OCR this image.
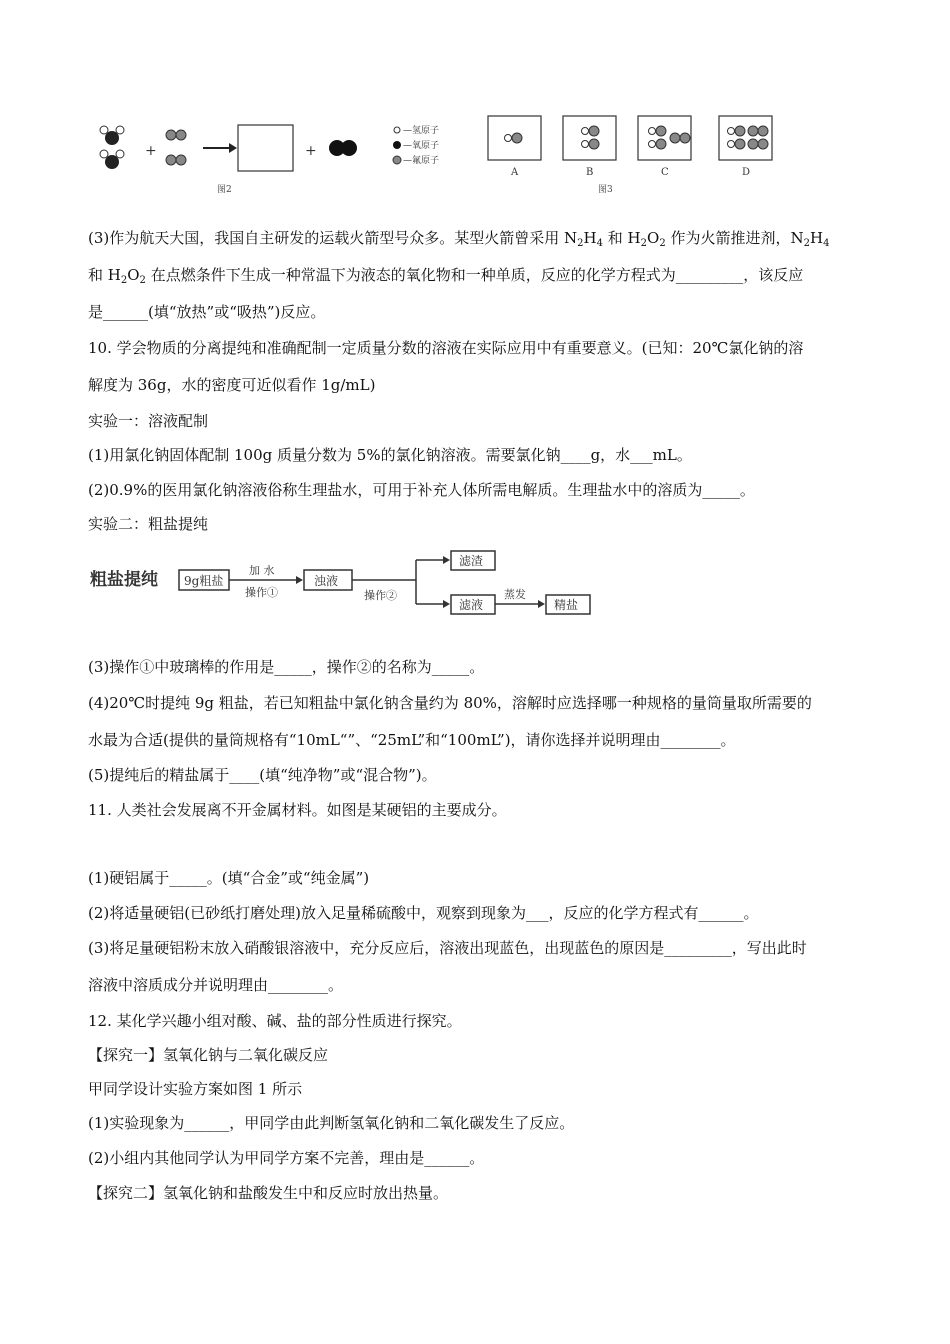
+	+
图2
—氢原子
—氧原子
—氟原子
A	B	C
图3
D
(3)作为航天大国，我国自主研发的运载火箭型号众多。某型火箭曾采用 $N_2H_4$ 和 $H_2O_2$ 作为火箭推进剂，$N_2H_4$
和 $H_2O_2$ 在点燃条件下生成一种常温下为液态的氧化物和一种单质，反应的化学方程式为_________，该反应
是______(填“放热”或“吸热”)反应。
10. 学会物质的分离提纯和准确配制一定质量分数的溶液在实际应用中有重要意义。(已知：20℃氯化钠的溶
解度为 36g，水的密度可近似看作 1g/mL)
实验一：溶液配制
(1)用氯化钠固体配制 100g 质量分数为 5%的氯化钠溶液。需要氯化钠____g，水___mL。
(2)0.9%的医用氯化钠溶液俗称生理盐水，可用于补充人体所需电解质。生理盐水中的溶质为_____。
实验二：粗盐提纯
粗盐提纯 9g粗盐
加 水
操作①
浊液
操作②
滤渣
滤液
蒸发
精盐
(3)操作①中玻璃棒的作用是_____，操作②的名称为_____。
(4)20℃时提纯 9g 粗盐，若已知粗盐中氯化钠含量约为 80%，溶解时应选择哪一种规格的量筒量取所需要的
水最为合适(提供的量筒规格有“10mL“”、“25mL”和“100mL”)，请你选择并说明理由________。
(5)提纯后的精盐属于____(填“纯净物”或“混合物”)。
11. 人类社会发展离不开金属材料。如图是某硬铝的主要成分。
(1)硬铝属于_____。(填“合金”或“纯金属”)
(2)将适量硬铝(已砂纸打磨处理)放入足量稀硫酸中，观察到现象为___，反应的化学方程式有______。
(3)将足量硬铝粉末放入硝酸银溶液中，充分反应后，溶液出现蓝色，出现蓝色的原因是_________，写出此时
溶液中溶质成分并说明理由________。
12. 某化学兴趣小组对酸、碱、盐的部分性质进行探究。
【探究一】氢氧化钠与二氧化碳反应
甲同学设计实验方案如图 1 所示
(1)实验现象为______，甲同学由此判断氢氧化钠和二氧化碳发生了反应。
(2)小组内其他同学认为甲同学方案不完善，理由是______。
【探究二】氢氧化钠和盐酸发生中和反应时放出热量。
